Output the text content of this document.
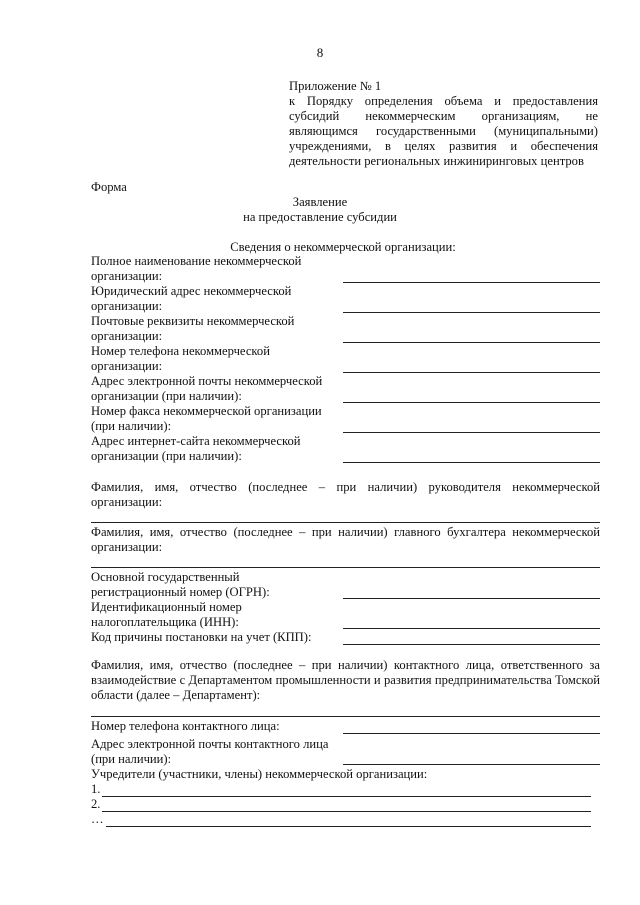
8
Приложение № 1
к Порядку определения объема и предоставления субсидий некоммерческим организациям, не являющимся государственными (муниципальными) учреждениями, в целях развития и обеспечения деятельности региональных инжиниринговых центров
Форма
Заявление
на предоставление субсидии
Сведения о некоммерческой организации:
Полное наименование некоммерческой
организации:
Юридический адрес некоммерческой
организации:
Почтовые реквизиты некоммерческой
организации:
Номер телефона некоммерческой
организации:
Адрес электронной почты некоммерческой
организации (при наличии):
Номер факса некоммерческой организации
(при наличии):
Адрес интернет-сайта некоммерческой
организации (при наличии):
Фамилия, имя, отчество (последнее – при наличии) руководителя некоммерческой организации:
Фамилия, имя, отчество (последнее – при наличии) главного бухгалтера некоммерческой организации:
Основной государственный
регистрационный номер (ОГРН):
Идентификационный номер
налогоплательщика (ИНН):
Код причины постановки на учет (КПП):
Фамилия, имя, отчество (последнее – при наличии) контактного лица, ответственного за взаимодействие с Департаментом промышленности и развития предпринимательства Томской области (далее – Департамент):
Номер телефона контактного лица:
Адрес электронной почты контактного лица
(при наличии):
Учредители (участники, члены) некоммерческой организации:
1.
2.
…
